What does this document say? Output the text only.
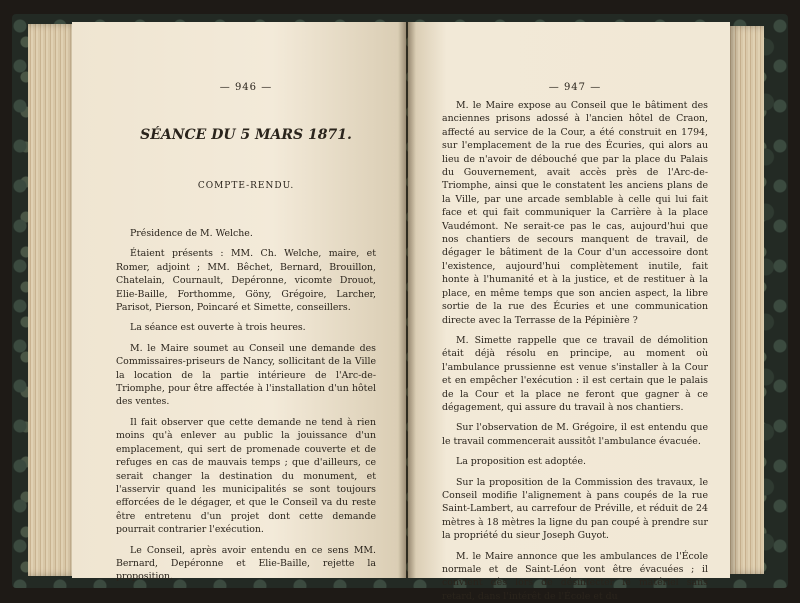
— 946 —
SÉANCE DU 5 MARS 1871.
COMPTE-RENDU.

Présidence de M. Welche.

Étaient présents : MM. Ch. Welche, maire, et Romer, adjoint ; MM. Bêchet, Bernard, Brouillon, Chatelain, Cournault, Depéronne, vicomte Drouot, Elie-Baille, Forthomme, Göny, Grégoire, Larcher, Parisot, Pierson, Poincaré et Simette, conseillers.

La séance est ouverte à trois heures.

M. le Maire soumet au Conseil une demande des Commissaires-priseurs de Nancy, sollicitant de la Ville la location de la partie intérieure de l'Arc-de-Triomphe, pour être affectée à l'installation d'un hôtel des ventes.

Il fait observer que cette demande ne tend à rien moins qu'à enlever au public la jouissance d'un emplacement, qui sert de promenade couverte et de refuges en cas de mauvais temps ; que d'ailleurs, ce serait changer la destination du monument, et l'asservir quand les municipalités se sont toujours efforcées de le dégager, et que le Conseil va du reste être entretenu d'un projet dont cette demande pourrait contrarier l'exécution.

Le Conseil, après avoir entendu en ce sens MM. Bernard, Depéronne et Elie-Baille, rejette la proposition.

— 947 —

M. le Maire expose au Conseil que le bâtiment des anciennes prisons adossé à l'ancien hôtel de Craon, affecté au service de la Cour, a été construit en 1794, sur l'emplacement de la rue des Écuries, qui alors au lieu de n'avoir de débouché que par la place du Palais du Gouvernement, avait accès près de l'Arc-de-Triomphe, ainsi que le constatent les anciens plans de la Ville, par une arcade semblable à celle qui lui fait face et qui fait communiquer la Carrière à la place Vaudémont. Ne serait-ce pas le cas, aujourd'hui que nos chantiers de secours manquent de travail, de dégager le bâtiment de la Cour d'un accessoire dont l'existence, aujourd'hui complètement inutile, fait honte à l'humanité et à la justice, et de restituer à la place, en même temps que son ancien aspect, la libre sortie de la rue des Écuries et une communication directe avec la Terrasse de la Pépinière ?

M. Simette rappelle que ce travail de démolition était déjà résolu en principe, au moment où l'ambulance prussienne est venue s'installer à la Cour et en empêcher l'exécution : il est certain que le palais de la Cour et la place ne feront que gagner à ce dégagement, qui assure du travail à nos chantiers.

Sur l'observation de M. Grégoire, il est entendu que le travail commencerait aussitôt l'ambulance évacuée.

La proposition est adoptée.

Sur la proposition de la Commission des travaux, le Conseil modifie l'alignement à pans coupés de la rue Saint-Lambert, au carrefour de Préville, et réduit de 24 mètres à 18 mètres la ligne du pan coupé à prendre sur la propriété du sieur Joseph Guyot.

M. le Maire annonce que les ambulances de l'École normale et de Saint-Léon vont être évacuées ; il convient dès lors de désinfecter le matériel sans retard, dans l'intérêt de l'École et du
